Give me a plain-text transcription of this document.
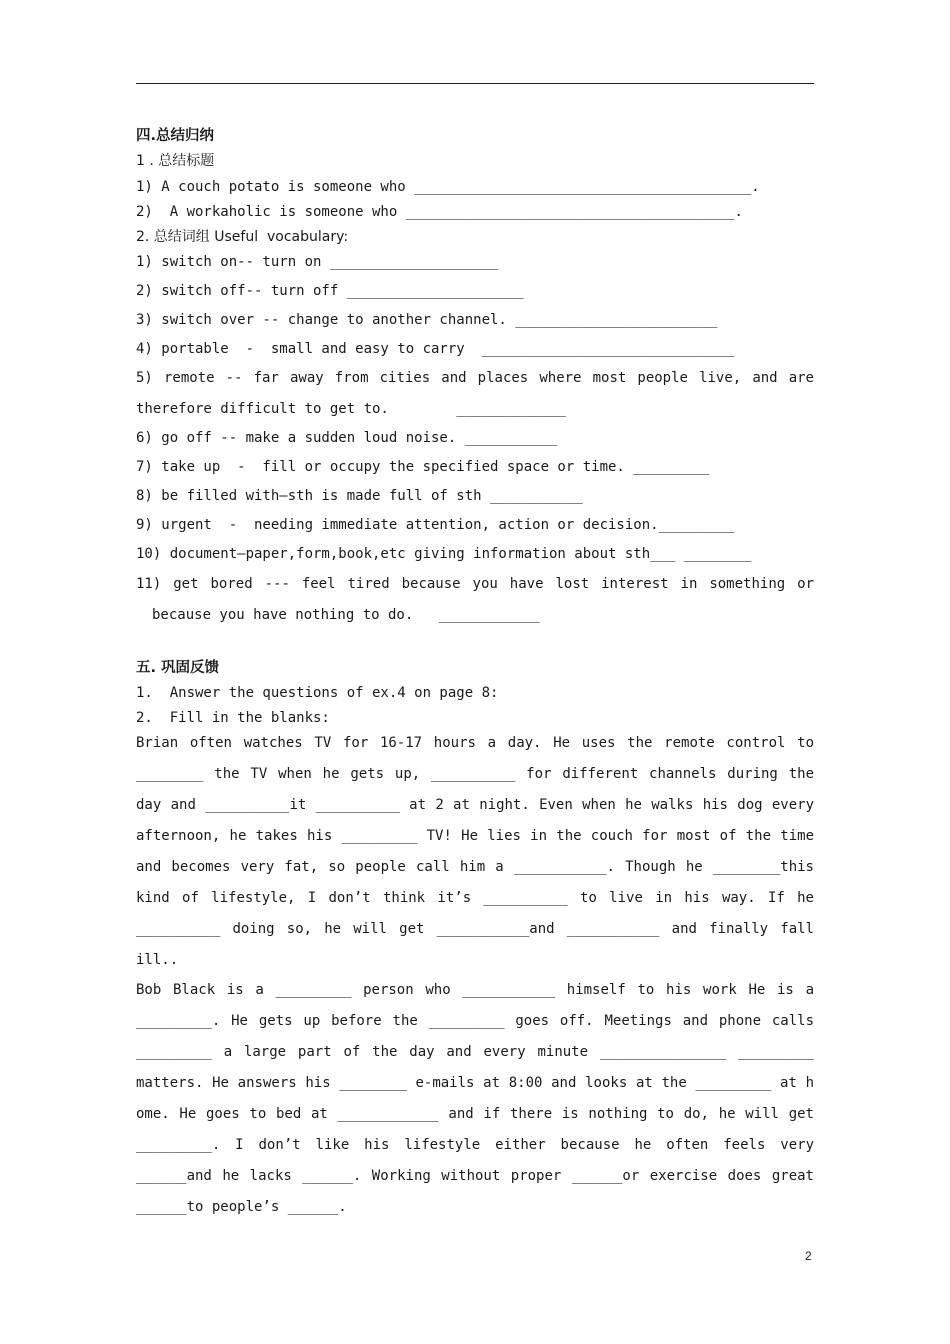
四.总结归纳
1 . 总结标题
1) A couch potato is someone who ________________________________________.
2)  A workaholic is someone who _______________________________________.
2. 总结词组 Useful  vocabulary:
1) switch on-- turn on ____________________
2) switch off-- turn off _____________________
3) switch over -- change to another channel. ________________________
4) portable  -  small and easy to carry  ______________________________
5) remote -- far away from cities and places where most people live, and are
therefore difficult to get to.        _____________
6) go off -- make a sudden loud noise. ___________
7) take up  -  fill or occupy the specified space or time. _________
8) be filled with—sth is made full of sth ___________
9) urgent  -  needing immediate attention, action or decision._________
10) document—paper,form,book,etc giving information about sth___ ________
11) get bored --- feel tired because you have lost interest in something or
because you have nothing to do.   ____________
五. 巩固反馈
1.  Answer the questions of ex.4 on page 8:
2.  Fill in the blanks:
Brian often watches TV for 16-17 hours a day. He uses the remote control to
________ the TV when he gets up, __________ for different channels during the
day and __________it __________ at 2 at night. Even when he walks his dog every
afternoon, he takes his _________ TV! He lies in the couch for most of the time
and becomes very fat, so people call him a ___________. Though he ________this
kind of lifestyle, I don’t think it’s __________ to live in his way. If he
__________ doing so, he will get ___________and ___________ and finally fall
ill..
Bob Black is a _________ person who ___________ himself to his work He is a
_________. He gets up before the _________ goes off. Meetings and phone calls
_________ a large part of the day and every minute _______________ _________
matters. He answers his ________ e-mails at 8:00 and looks at the _________ at h
ome. He goes to bed at ____________ and if there is nothing to do, he will get
_________. I don’t like his lifestyle either because he often feels very
______and he lacks ______. Working without proper ______or exercise does great
______to people’s ______.
2
